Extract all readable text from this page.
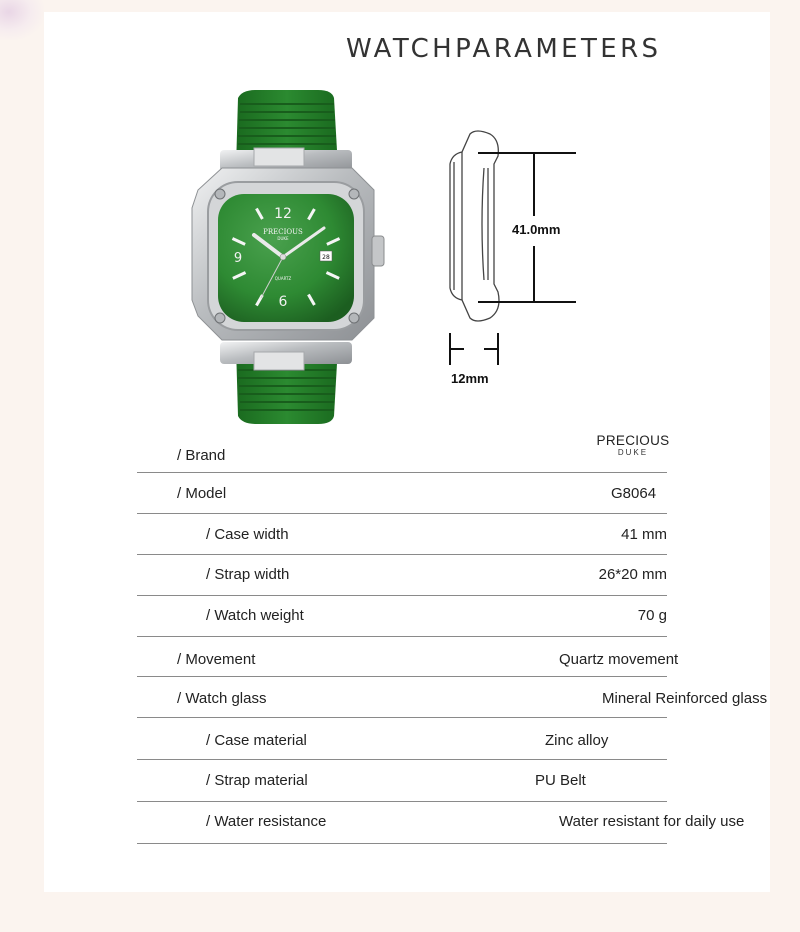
WATCHPARAMETERS
12
6
9	28
PRECIOUS
DUKE
QUARTZ
41.0mm
12mm
/ Brand
PRECIOUS
DUKE
/ Model	G8064
/ Case width	41 mm
/ Strap width	26*20 mm
/ Watch weight	70 g
/ Movement	Quartz movement
/ Watch glass	Mineral Reinforced glass
/ Case material	Zinc alloy
/ Strap material	PU Belt
/ Water resistance	Water resistant for daily use
